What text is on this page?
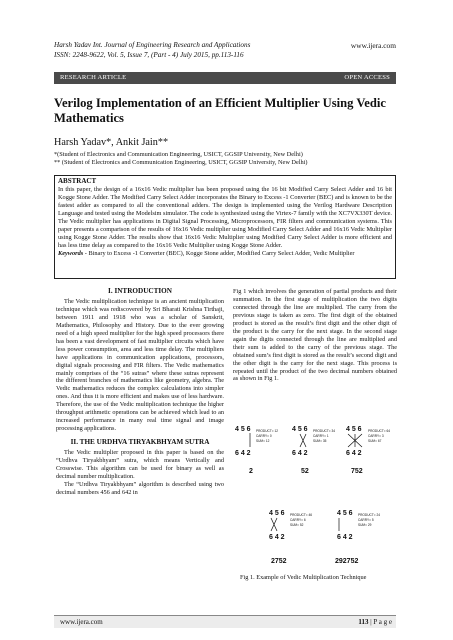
Harsh Yadav Int. Journal of Engineering Research and Applications
ISSN: 2248-9622, Vol. 5, Issue 7, (Part - 4) July 2015, pp.113-116
www.ijera.com
RESEARCH ARTICLE	OPEN ACCESS
Verilog Implementation of an Efficient Multiplier Using Vedic Mathematics
Harsh Yadav*, Ankit Jain**
*(Student of Electronics and Communication Engineering, USICT, GGSIP University, New Delhi)
** (Student of Electronics and Communication Engineering, USICT, GGSIP University, New Delhi)
ABSTRACT
In this paper, the design of a 16x16 Vedic multiplier has been proposed using the 16 bit Modified Carry Select Adder and 16 bit Kogge Stone Adder. The Modified Carry Select Adder incorporates the Binary to Excess -1 Converter (BEC) and is known to be the fastest adder as compared to all the conventional adders. The design is implemented using the Verilog Hardware Description Language and tested using the Modelsim simulator. The code is synthesized using the Virtex-7 family with the XC7VX330T device. The Vedic multiplier has applications in Digital Signal Processing, Microprocessors, FIR filters and communication systems. This paper presents a comparison of the results of 16x16 Vedic multiplier using Modified Carry Select Adder and 16x16 Vedic Multiplier using Kogge Stone Adder. The results show that 16x16 Vedic Multiplier using Modified Carry Select Adder is more efficient and has less time delay as compared to the 16x16 Vedic Multiplier using Kogge Stone Adder.
Keywords - Binary to Excess -1 Converter (BEC), Kogge Stone adder, Modified Carry Select Adder, Vedic Multiplier
I. INTRODUCTION

The Vedic multiplication technique is an ancient multiplication technique which was rediscovered by Sri Bharati Krishna Tirthaji, between 1911 and 1918 who was a scholar of Sanskrit, Mathematics, Philosophy and History. Due to the ever growing need of a high speed multiplier for the high speed processors there has been a vast development of fast multiplier circuits which have less power consumption, area and less time delay. The multipliers have applications in communication applications, processors, digital signals processing and FIR filters. The Vedic mathematics mainly comprises of the “16 sutras” where these sutras represent the different branches of mathematics like geometry, algebra. The Vedic mathematics reduces the complex calculations into simpler ones. And thus it is more efficient and makes use of less hardware. Therefore, the use of the Vedic multiplication technique the higher throughput arithmetic operations can be achieved which lead to an increased performance in many real time signal and image processing applications.

II. THE URDHVA TIRYAKBHYAM SUTRA

The Vedic multiplier proposed in this paper is based on the “Urdhva Tiryakbhyam” sutra, which means Vertically and Crosswise. This algorithm can be used for binary as well as decimal number multiplication.

The “Urdhva Tiryakbhyam” algorithm is described using two decimal numbers 456 and 642 in

Fig 1 which involves the generation of partial products and their summation. In the first stage of multiplication the two digits connected through the line are multiplied. The carry from the previous stage is taken as zero. The first digit of the obtained product is stored as the result’s first digit and the other digit of the product is the carry for the next stage. In the second stage again the digits connected through the line are multiplied and their sum is added to the carry of the previous stage. The obtained sum’s first digit is stored as the result’s second digit and the other digit is the carry for the next stage. This process is repeated until the product of the two decimal numbers obtained as shown in Fig 1.

4 5 6
6 4 2
PRODUCT= 12
CARRY= 0
SUM= 12
2
4 5 6
6 4 2
PRODUCT= 34
CARRY= 1
SUM= 35
52
4 5 6
6 4 2
PRODUCT= 64
CARRY= 3
SUM= 67
752
4 5 6
6 4 2
PRODUCT= 46
CARRY= 6
SUM= 52
2752
4 5 6
6 4 2
PRODUCT= 24
CARRY= 5
SUM= 29
292752
Fig 1. Example of Vedic Multiplication Technique
www.ijera.com	113 | P a g e
